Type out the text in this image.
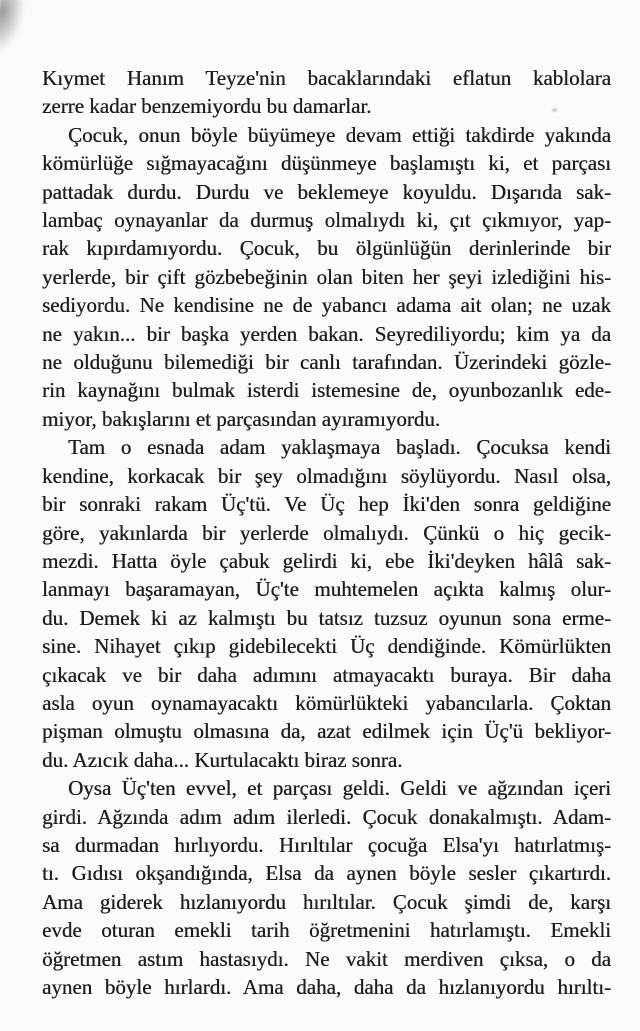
Kıymet Hanım Teyze'nin bacaklarındaki eflatun kablolara
zerre kadar benzemiyordu bu damarlar.
Çocuk, onun böyle büyümeye devam ettiği takdirde yakında
kömürlüğe sığmayacağını düşünmeye başlamıştı ki, et parçası
pattadak durdu. Durdu ve beklemeye koyuldu. Dışarıda sak-
lambaç oynayanlar da durmuş olmalıydı ki, çıt çıkmıyor, yap-
rak kıpırdamıyordu. Çocuk, bu ölgünlüğün derinlerinde bir
yerlerde, bir çift gözbebeğinin olan biten her şeyi izlediğini his-
sediyordu. Ne kendisine ne de yabancı adama ait olan; ne uzak
ne yakın... bir başka yerden bakan. Seyrediliyordu; kim ya da
ne olduğunu bilemediği bir canlı tarafından. Üzerindeki gözle-
rin kaynağını bulmak isterdi istemesine de, oyunbozanlık ede-
miyor, bakışlarını et parçasından ayıramıyordu.
Tam o esnada adam yaklaşmaya başladı. Çocuksa kendi
kendine, korkacak bir şey olmadığını söylüyordu. Nasıl olsa,
bir sonraki rakam Üç'tü. Ve Üç hep İki'den sonra geldiğine
göre, yakınlarda bir yerlerde olmalıydı. Çünkü o hiç gecik-
mezdi. Hatta öyle çabuk gelirdi ki, ebe İki'deyken hâlâ sak-
lanmayı başaramayan, Üç'te muhtemelen açıkta kalmış olur-
du. Demek ki az kalmıştı bu tatsız tuzsuz oyunun sona erme-
sine. Nihayet çıkıp gidebilecekti Üç dendiğinde. Kömürlükten
çıkacak ve bir daha adımını atmayacaktı buraya. Bir daha
asla oyun oynamayacaktı kömürlükteki yabancılarla. Çoktan
pişman olmuştu olmasına da, azat edilmek için Üç'ü bekliyor-
du. Azıcık daha... Kurtulacaktı biraz sonra.
Oysa Üç'ten evvel, et parçası geldi. Geldi ve ağzından içeri
girdi. Ağzında adım adım ilerledi. Çocuk donakalmıştı. Adam-
sa durmadan hırlıyordu. Hırıltılar çocuğa Elsa'yı hatırlatmış-
tı. Gıdısı okşandığında, Elsa da aynen böyle sesler çıkartırdı.
Ama giderek hızlanıyordu hırıltılar. Çocuk şimdi de, karşı
evde oturan emekli tarih öğretmenini hatırlamıştı. Emekli
öğretmen astım hastasıydı. Ne vakit merdiven çıksa, o da
aynen böyle hırlardı. Ama daha, daha da hızlanıyordu hırıltı-
